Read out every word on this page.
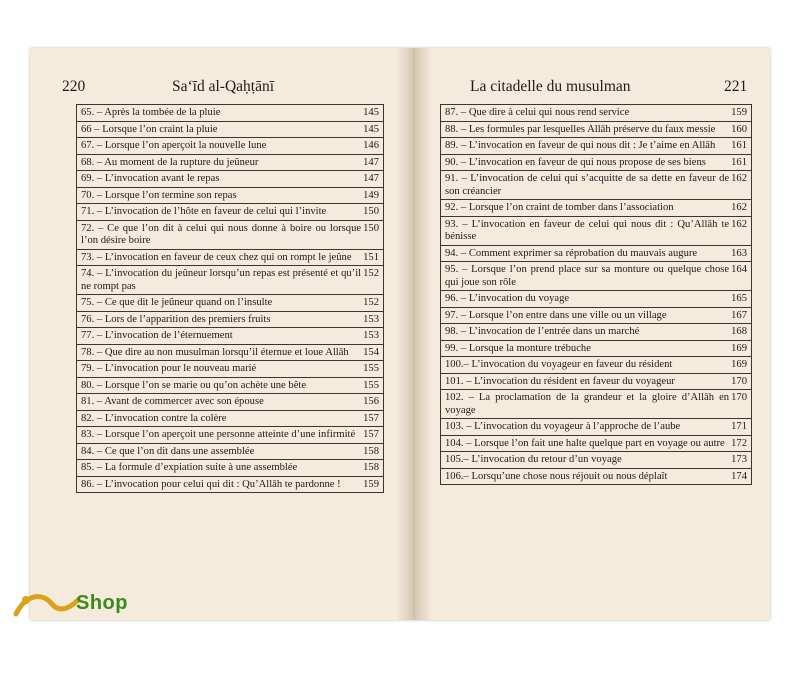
220	Sa‘īd al-Qaḥṭānī
145
65. – Après la tombée de la pluie
145
66 – Lorsque l’on craint la pluie
146
67. – Lorsque l’on aperçoit la nouvelle lune
147
68. – Au moment de la rupture du jeûneur
147
69. – L’invocation avant le repas
149
70. – Lorsque l’on termine son repas
150
71. – L’invocation de l’hôte en faveur de celui qui l’invite
150
72. – Ce que l’on dit à celui qui nous donne à boire ou lorsque l’on désire boire
151
73. – L’invocation en faveur de ceux chez qui on rompt le jeûne
152
74. – L’invocation du jeûneur lorsqu’un repas est présenté et qu’il ne rompt pas
152
75. – Ce que dit le jeûneur quand on l’insulte
153
76. – Lors de l’apparition des premiers fruits
153
77. – L’invocation de l’éternuement
154
78. – Que dire au non musulman lorsqu’il éternue et loue Allāh
155
79. – L’invocation pour le nouveau marié
155
80. – Lorsque l’on se marie ou qu’on achète une bête
156
81. – Avant de commercer avec son épouse
157
82. – L’invocation contre la colère
157
83. – Lorsque l’on aperçoit une personne atteinte d’une infirmité
158
84. – Ce que l’on dit dans une assemblée
158
85. – La formule d’expiation suite à une assemblée
159
86. – L’invocation pour celui qui dit : Qu’Allāh te pardonne !
La citadelle du musulman	221
159
87. – Que dire à celui qui nous rend service
160
88. – Les formules par lesquelles Allāh préserve du faux messie
161
89. – L’invocation en faveur de qui nous dit : Je t’aime en Allāh
161
90. – L’invocation en faveur de qui nous propose de ses biens
162
91. – L’invocation de celui qui s’acquitte de sa dette en faveur de son créancier
162
92. – Lorsque l’on craint de tomber dans l’association
162
93. – L’invocation en faveur de celui qui nous dit : Qu’Allāh te bénisse
163
94. – Comment exprimer sa réprobation du mauvais augure
164
95. – Lorsque l’on prend place sur sa monture ou quelque chose qui joue son rôle
165
96. – L’invocation du voyage
167
97. – Lorsque l’on entre dans une ville ou un village
168
98. – L’invocation de l’entrée dans un marché
169
99. – Lorsque la monture trébuche
169
100.– L’invocation du voyageur en faveur du résident
170
101. – L’invocation du résident en faveur du voyageur
170
102. – La proclamation de la grandeur et la gloire d’Allāh en voyage
171
103. – L’invocation du voyageur à l’approche de l’aube
172
104. – Lorsque l’on fait une halte quelque part en voyage ou autre
173
105.– L’invocation du retour d’un voyage
174
106.– Lorsqu’une chose nous réjouit ou nous déplaît
Shop
